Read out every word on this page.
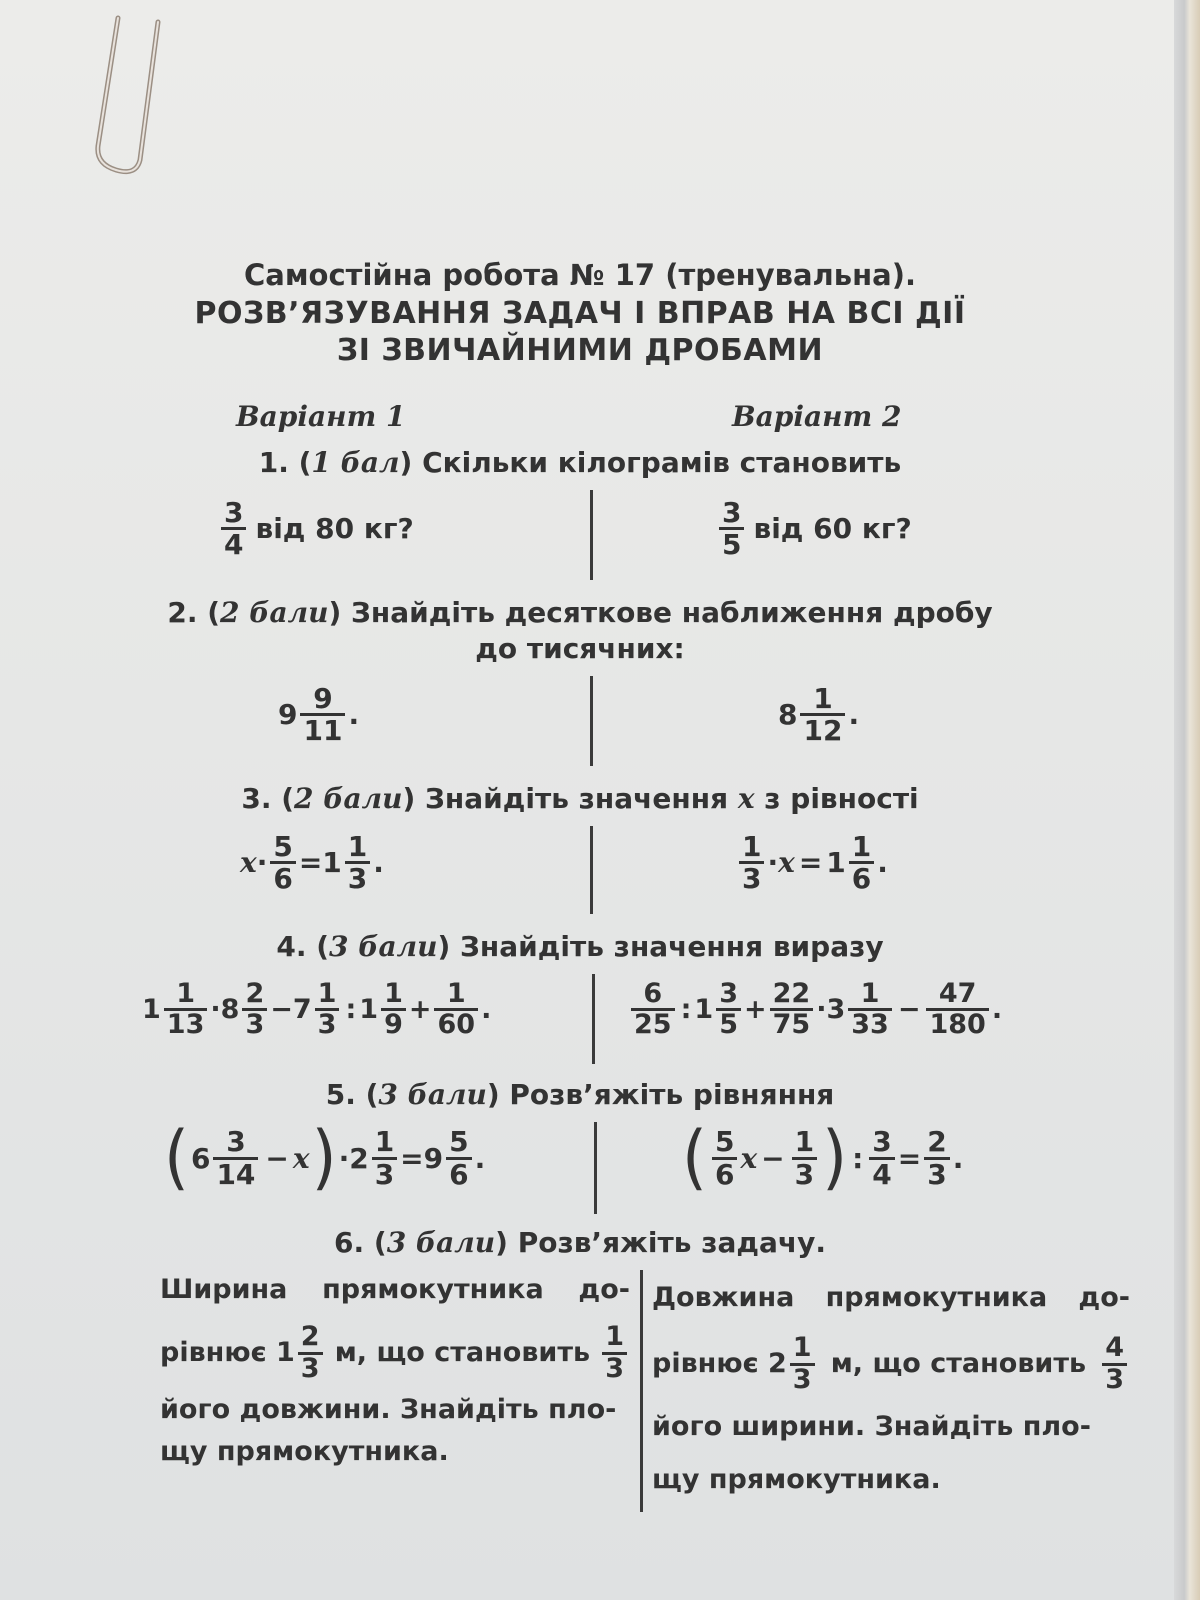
Самостійна робота № 17 (тренувальна).
РОЗВ’ЯЗУВАННЯ ЗАДАЧ І ВПРАВ НА ВСІ ДІЇ
ЗІ ЗВИЧАЙНИМИ ДРОБАМИ
Варіант 1	Варіант 2
1. (1 бал) Скільки кілограмів становить
$\frac{3}{4}$ від 80 кг?	$\frac{3}{5}$ від 60 кг?
2. (2 бали) Знайдіть десяткове наближення дробу
до тисячних:
$9 \frac{9}{11}$ .	$8 \frac{1}{12}$ .
3. (2 бали) Знайдіть значення x з рівності
$x \cdot \frac{5}{6} = 1 \frac{1}{3}$ .	$\frac{1}{3} \cdot x = 1 \frac{1}{6}$ .
4. (3 бали) Знайдіть значення виразу
$1 \frac{1}{13} \cdot 8 \frac{2}{3} - 7 \frac{1}{3}$ : $1 \frac{1}{9} + \frac{1}{60}$ .	$\frac{6}{25}$ : $1 \frac{3}{5} + \frac{22}{75} \cdot 3 \frac{1}{33} - \frac{47}{180}$ .
5. (3 бали) Розв’яжіть рівняння
( $6 \frac{3}{14} - x$ ) · $2 \frac{1}{3} = 9 \frac{5}{6}$ .	( $\frac{5}{6}$ $x - \frac{1}{3}$ ) : $\frac{3}{4} = \frac{2}{3}$ .
6. (3 бали) Розв’яжіть задачу.
Ширина прямокутника до-
рівнює
$1 \frac{2}{3} м$, що становить $\frac{1}{3}$
його довжини. Знайдіть пло-
щу прямокутника.
Довжина прямокутника до-
рівнює
$2 \frac{1}{3} м$, що становить $\frac{4}{3}$
його ширини. Знайдіть пло-
щу прямокутника.
